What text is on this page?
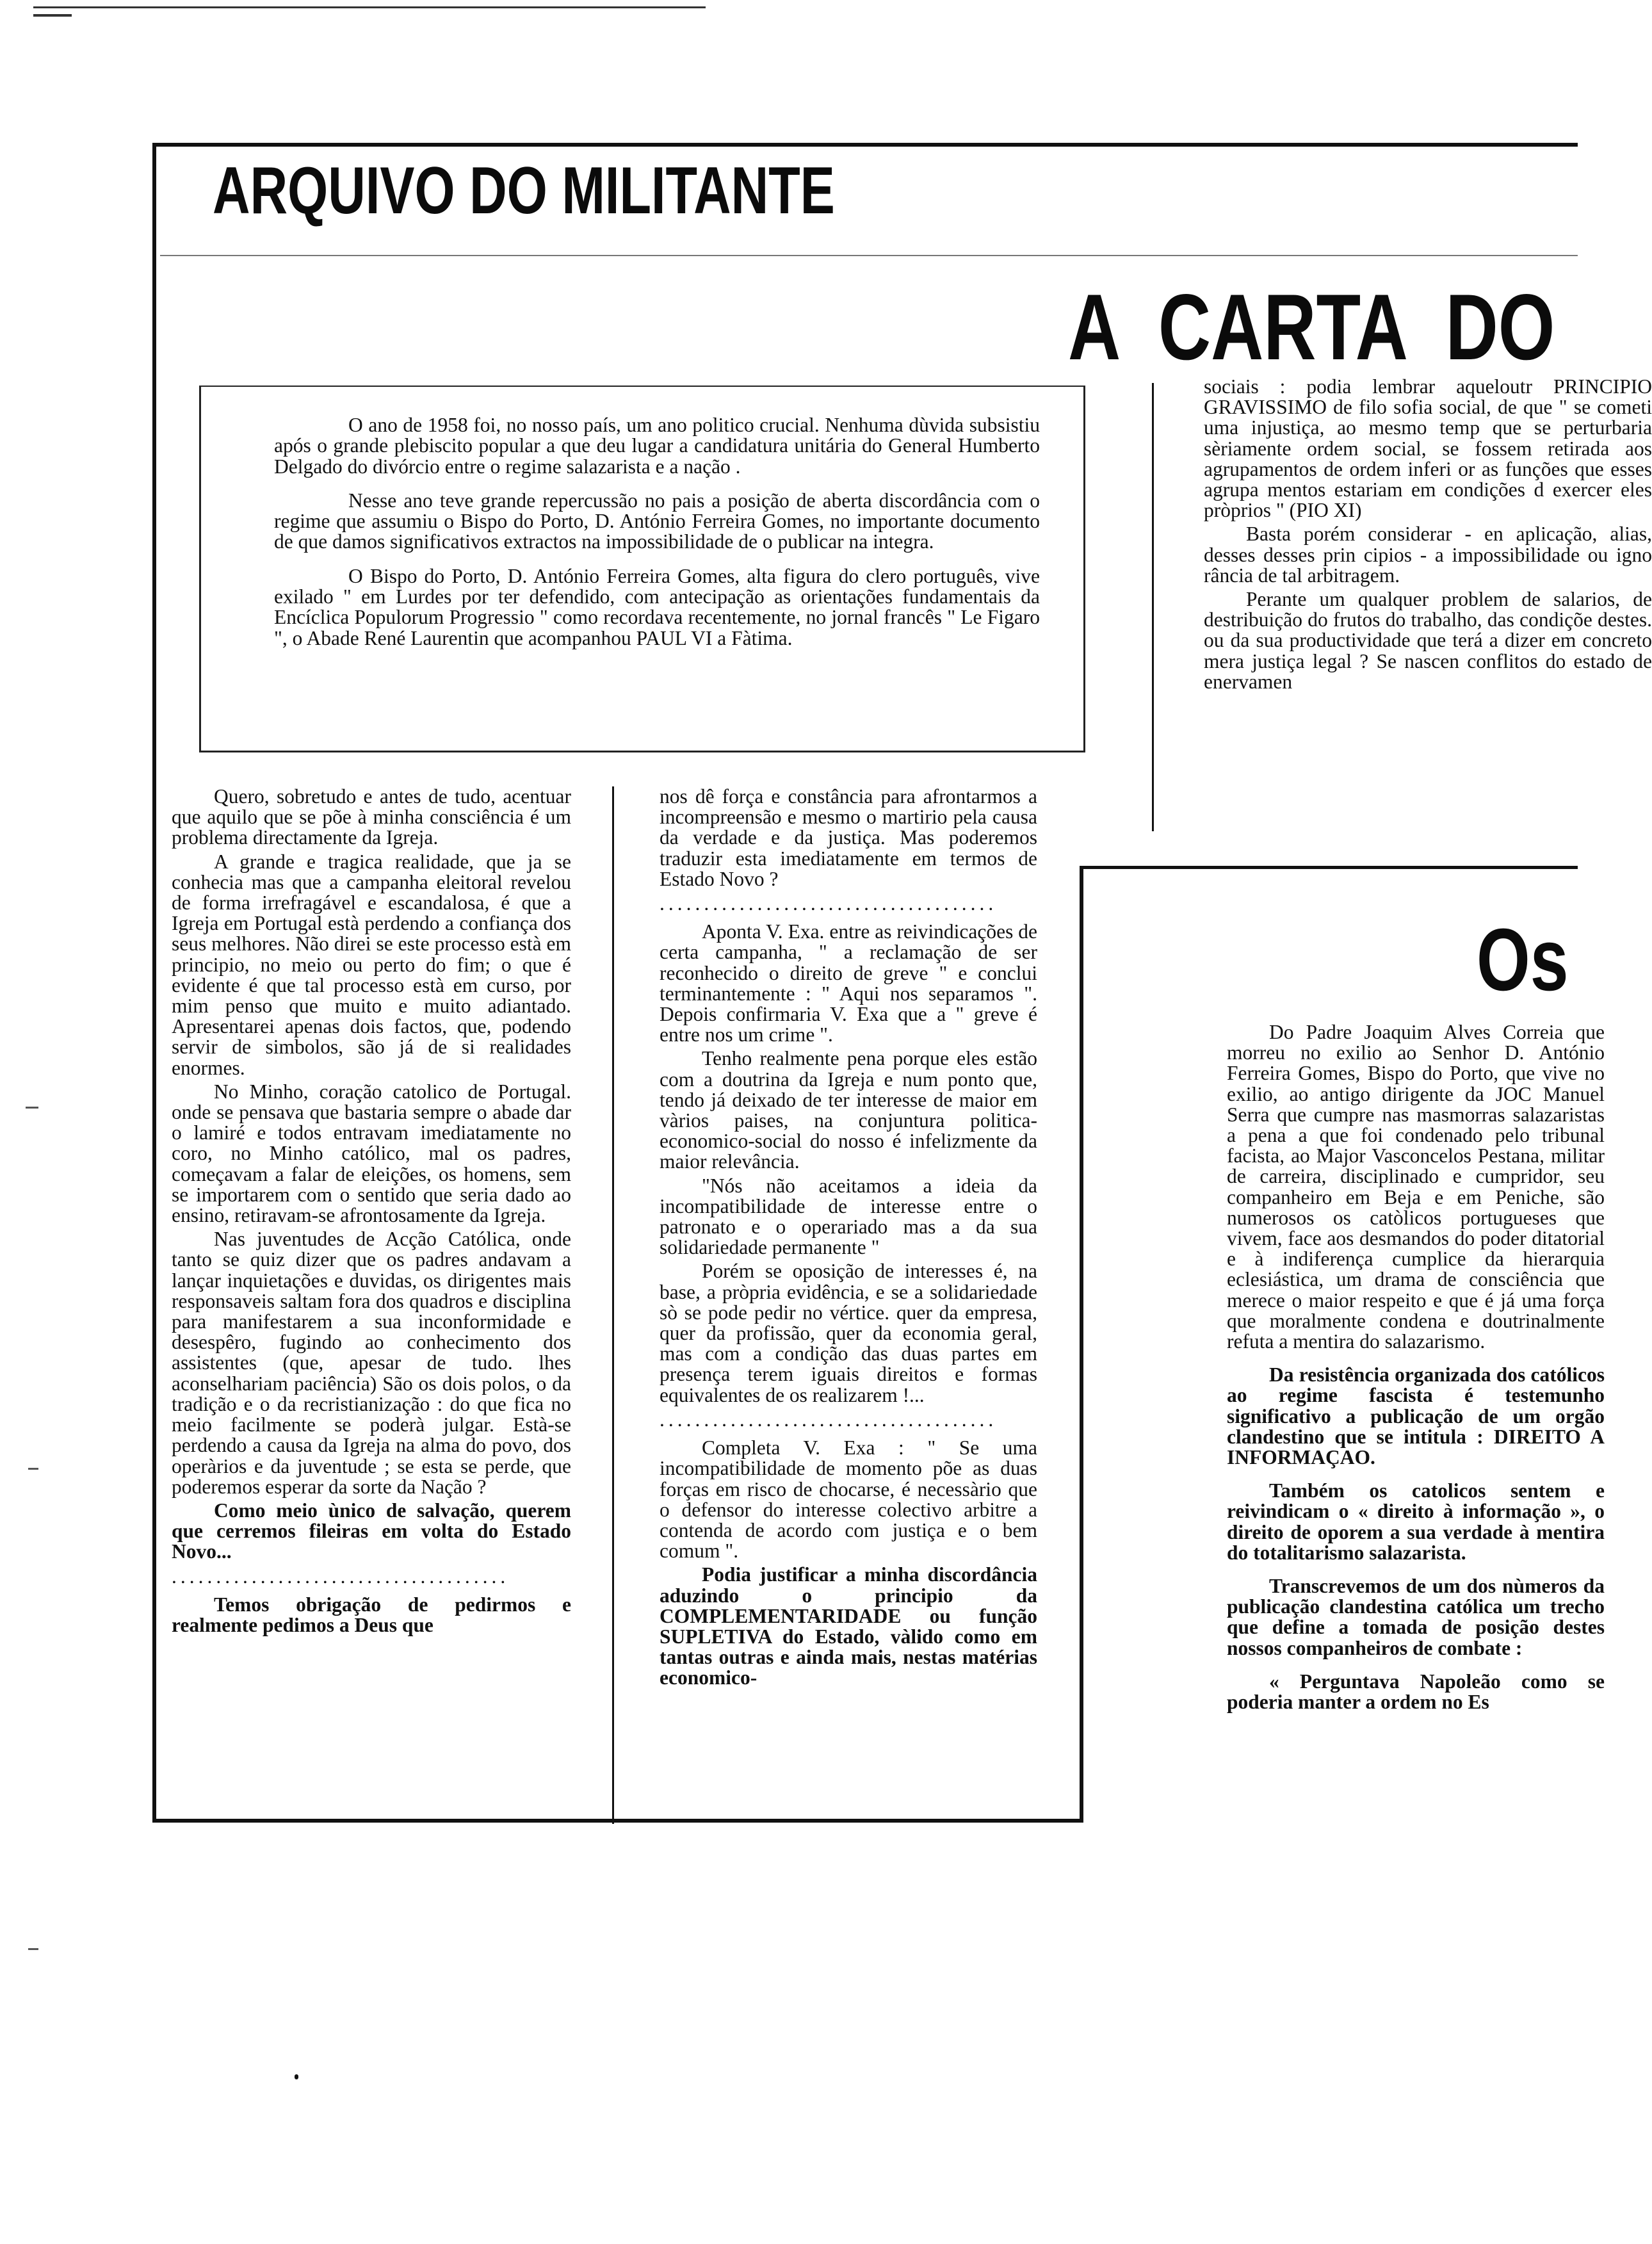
ARQUIVO DO MILITANTE
A CARTA DO

O ano de 1958 foi, no nosso país, um ano politico crucial. Nenhuma dùvida subsistiu após o grande plebiscito popular a que deu lugar a candidatura unitária do General Humberto Delgado do divórcio entre o regime salazarista e a nação .

Nesse ano teve grande repercussão no pais a posição de aberta discordância com o regime que assumiu o Bispo do Porto, D. António Ferreira Gomes, no importante documento de que damos significativos extractos na impossibilidade de o publicar na integra.

O Bispo do Porto, D. António Ferreira Gomes, alta figura do clero português, vive exilado " em Lurdes por ter defendido, com antecipação as orientações fundamentais da Encíclica Populorum Progressio " como recordava recentemente, no jornal francês " Le Figaro ", o Abade René Laurentin que acompanhou PAUL VI a Fàtima.

Quero, sobretudo e antes de tudo, acentuar que aquilo que se põe à minha consciência é um problema directamente da Igreja.

A grande e tragica realidade, que ja se conhecia mas que a campanha eleitoral revelou de forma irrefragável e escandalosa, é que a Igreja em Portugal està perdendo a confiança dos seus melhores. Não direi se este processo està em principio, no meio ou perto do fim; o que é evidente é que tal processo està em curso, por mim penso que muito e muito adiantado. Apresentarei apenas dois factos, que, podendo servir de simbolos, são já de si realidades enormes.

No Minho, coração catolico de Portugal. onde se pensava que bastaria sempre o abade dar o lamiré e todos entravam imediatamente no coro, no Minho católico, mal os padres, começavam a falar de eleições, os homens, sem se importarem com o sentido que seria dado ao ensino, retiravam-se afrontosamente da Igreja.

Nas juventudes de Acção Católica, onde tanto se quiz dizer que os padres andavam a lançar inquietações e duvidas, os dirigentes mais responsaveis saltam fora dos quadros e disciplina para manifestarem a sua inconformidade e desespêro, fugindo ao conhecimento dos assistentes (que, apesar de tudo. lhes aconselhariam paciência) São os dois polos, o da tradição e o da recristianização : do que fica no meio facilmente se poderà julgar. Està-se perdendo a causa da Igreja na alma do povo, dos operàrios e da juventude ; se esta se perde, que poderemos esperar da sorte da Nação ?

Como meio ùnico de salvação, querem que cerremos fileiras em volta do Estado Novo...

......................................

Temos obrigação de pedirmos e realmente pedimos a Deus que

nos dê força e constância para afrontarmos a incompreensão e mesmo o martirio pela causa da verdade e da justiça. Mas poderemos traduzir esta imediatamente em termos de Estado Novo ?

......................................

Aponta V. Exa. entre as reivindicações de certa campanha, " a reclamação de ser reconhecido o direito de greve " e conclui terminantemente : " Aqui nos separamos ". Depois confirmaria V. Exa que a " greve é entre nos um crime ".

Tenho realmente pena porque eles estão com a doutrina da Igreja e num ponto que, tendo já deixado de ter interesse de maior em vàrios paises, na conjuntura politica-economico-social do nosso é infelizmente da maior relevância.

"Nós não aceitamos a ideia da incompatibilidade de interesse entre o patronato e o operariado mas a da sua solidariedade permanente "

Porém se oposição de interesses é, na base, a pròpria evidência, e se a solidariedade sò se pode pedir no vértice. quer da empresa, quer da profissão, quer da economia geral, mas com a condição das duas partes em presença terem iguais direitos e formas equivalentes de os realizarem !...

......................................

Completa V. Exa : " Se uma incompatibilidade de momento põe as duas forças em risco de chocarse, é necessàrio que o defensor do interesse colectivo arbitre a contenda de acordo com justiça e o bem comum ".

Podia justificar a minha discordância aduzindo o principio da COMPLEMENTARIDADE ou função SUPLETIVA do Estado, vàlido como em tantas outras e ainda mais, nestas matérias economico-

sociais : podia lembrar aqueloutr PRINCIPIO GRAVISSIMO de filo sofia social, de que " se cometi uma injustiça, ao mesmo temp que se perturbaria sèriamente ordem social, se fossem retirada aos agrupamentos de ordem inferi or as funções que esses agrupa mentos estariam em condições d exercer eles pròprios " (PIO XI)

Basta porém considerar - en aplicação, alias, desses desses prin cipios - a impossibilidade ou igno rância de tal arbitragem.

Perante um qualquer problem de salarios, de destribuição do frutos do trabalho, das condiçõe destes. ou da sua productividade que terá a dizer em concreto mera justiça legal ? Se nascen conflitos do estado de enervamen

Os

Do Padre Joaquim Alves Correia que morreu no exilio ao Senhor D. António Ferreira Gomes, Bispo do Porto, que vive no exilio, ao antigo dirigente da JOC Manuel Serra que cumpre nas masmorras salazaristas a pena a que foi condenado pelo tribunal facista, ao Major Vasconcelos Pestana, militar de carreira, disciplinado e cumpridor, seu companheiro em Beja e em Peniche, são numerosos os catòlicos portugueses que vivem, face aos desmandos do poder ditatorial e à indiferença cumplice da hierarquia eclesiástica, um drama de consciência que merece o maior respeito e que é já uma força que moralmente condena e doutrinalmente refuta a mentira do salazarismo.

Da resistência organizada dos católicos ao regime fascista é testemunho significativo a publicação de um orgão clandestino que se intitula : DIREITO A INFORMAÇAO.

Também os catolicos sentem e reivindicam o « direito à informação », o direito de oporem a sua verdade à mentira do totalitarismo salazarista.

Transcrevemos de um dos nùmeros da publicação clandestina católica um trecho que define a tomada de posição destes nossos companheiros de combate :

« Perguntava Napoleão como se poderia manter a ordem no Es
